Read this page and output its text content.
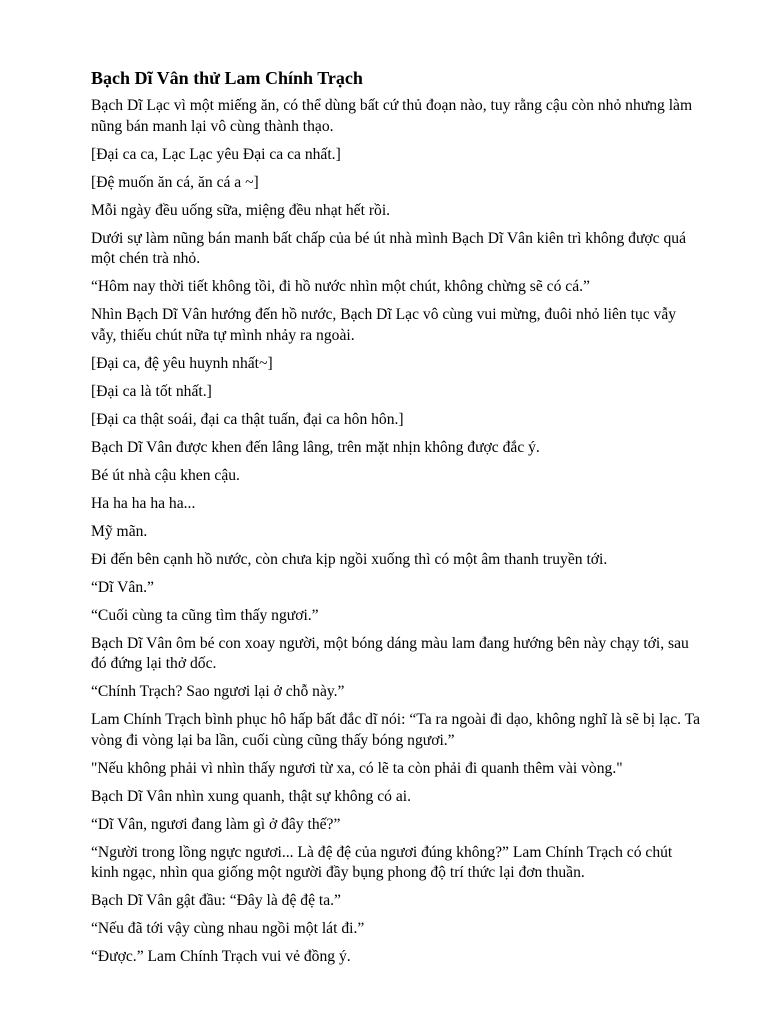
Bạch Dĩ Vân thử Lam Chính Trạch

Bạch Dĩ Lạc vì một miếng ăn, có thể dùng bất cứ thủ đoạn nào, tuy rằng cậu còn nhỏ nhưng làm nũng bán manh lại vô cùng thành thạo.

[Đại ca ca, Lạc Lạc yêu Đại ca ca nhất.]

[Đệ muốn ăn cá, ăn cá a ~]

Mỗi ngày đều uống sữa, miệng đều nhạt hết rồi.

Dưới sự làm nũng bán manh bất chấp của bé út nhà mình Bạch Dĩ Vân kiên trì không được quá một chén trà nhỏ.

“Hôm nay thời tiết không tồi, đi hồ nước nhìn một chút, không chừng sẽ có cá.”

Nhìn Bạch Dĩ Vân hướng đến hồ nước, Bạch Dĩ Lạc vô cùng vui mừng, đuôi nhỏ liên tục vẫy vẫy, thiếu chút nữa tự mình nhảy ra ngoài.

[Đại ca, đệ yêu huynh nhất~]

[Đại ca là tốt nhất.]

[Đại ca thật soái, đại ca thật tuấn, đại ca hôn hôn.]

Bạch Dĩ Vân được khen đến lâng lâng, trên mặt nhịn không được đắc ý.

Bé út nhà cậu khen cậu.

Ha ha ha ha ha...

Mỹ mãn.

Đi đến bên cạnh hồ nước, còn chưa kịp ngồi xuống thì có một âm thanh truyền tới.

“Dĩ Vân.”

“Cuối cùng ta cũng tìm thấy ngươi.”

Bạch Dĩ Vân ôm bé con xoay người, một bóng dáng màu lam đang hướng bên này chạy tới, sau đó đứng lại thở dốc.

“Chính Trạch? Sao ngươi lại ở chỗ này.”

Lam Chính Trạch bình phục hô hấp bất đắc dĩ nói: “Ta ra ngoài đi dạo, không nghĩ là sẽ bị lạc. Ta vòng đi vòng lại ba lần, cuối cùng cũng thấy bóng ngươi.”

"Nếu không phải vì nhìn thấy ngươi từ xa, có lẽ ta còn phải đi quanh thêm vài vòng."

Bạch Dĩ Vân nhìn xung quanh, thật sự không có ai.

“Dĩ Vân, ngươi đang làm gì ở đây thế?”

“Người trong lồng ngực ngươi... Là đệ đệ của ngươi đúng không?” Lam Chính Trạch có chút kinh ngạc, nhìn qua giống một người đầy bụng phong độ trí thức lại đơn thuần.

Bạch Dĩ Vân gật đầu: “Đây là đệ đệ ta.”

“Nếu đã tới vậy cùng nhau ngồi một lát đi.”

“Được.” Lam Chính Trạch vui vẻ đồng ý.
